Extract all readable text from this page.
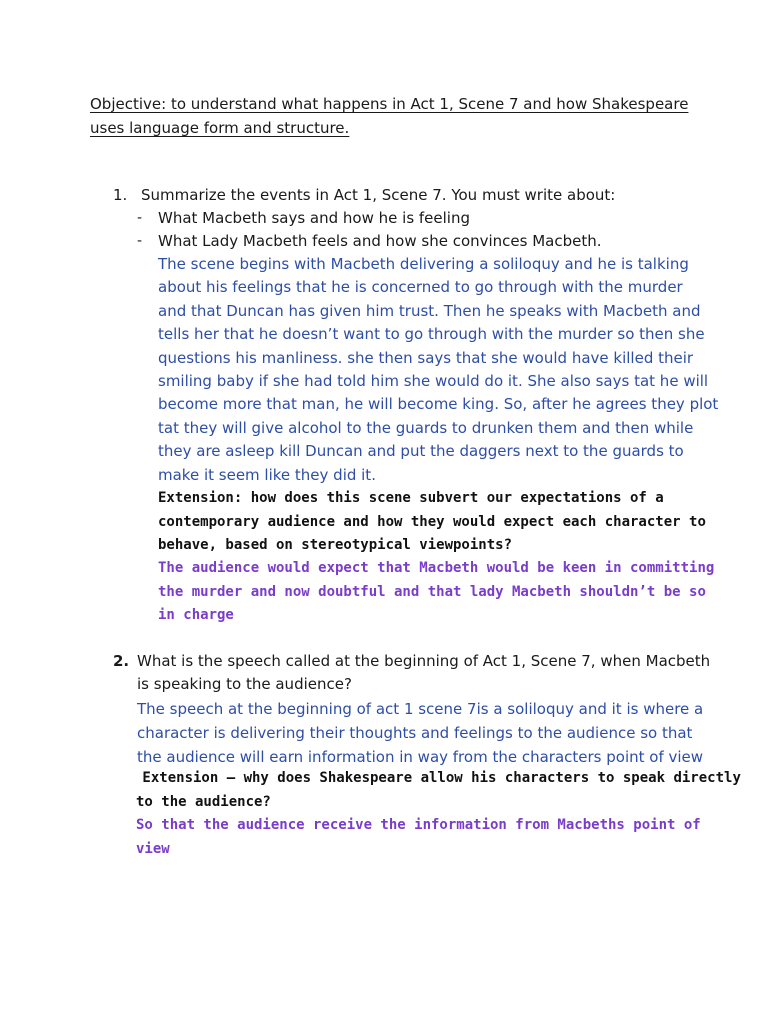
Objective: to understand what happens in Act 1, Scene 7 and how Shakespeare
uses language form and structure.
1. Summarize the events in Act 1, Scene 7. You must write about:
- What Macbeth says and how he is feeling
- What Lady Macbeth feels and how she convinces Macbeth.
The scene begins with Macbeth delivering a soliloquy and he is talking
about his feelings that he is concerned to go through with the murder
and that Duncan has given him trust. Then he speaks with Macbeth and
tells her that he doesn’t want to go through with the murder so then she
questions his manliness. she then says that she would have killed their
smiling baby if she had told him she would do it. She also says tat he will
become more that man, he will become king. So, after he agrees they plot
tat they will give alcohol to the guards to drunken them and then while
they are asleep kill Duncan and put the daggers next to the guards to
make it seem like they did it.
Extension: how does this scene subvert our expectations of a
contemporary audience and how they would expect each character to
behave, based on stereotypical viewpoints?
The audience would expect that Macbeth would be keen in committing
the murder and now doubtful and that lady Macbeth shouldn’t be so
in charge
2. What is the speech called at the beginning of Act 1, Scene 7, when Macbeth
is speaking to the audience?
The speech at the beginning of act 1 scene 7is a soliloquy and it is where a
character is delivering their thoughts and feelings to the audience so that
the audience will earn information in way from the characters point of view
Extension – why does Shakespeare allow his characters to speak directly
to the audience?
So that the audience receive the information from Macbeths point of
view
